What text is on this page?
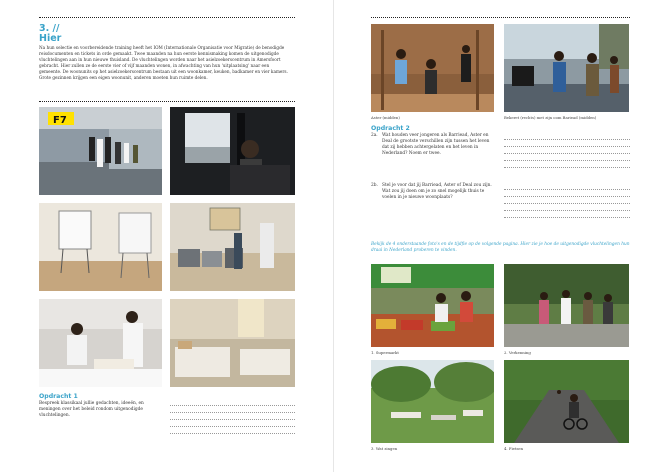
3. //
Hier
Na hun selectie en voorbereidende training heeft het IOM (Internationale Organisatie voor Migratie) de benodigde reisdocumenten en tickets in orde gemaakt. Twee maanden na hun eerste kennismaking komen de uitgenodigde vluchtelingen aan in hun nieuwe thuisland. De vluchtelingen worden naar het asielzoekerscentrum in Amersfoort gebracht. Hier zullen ze de eerste vier of vijf maanden wonen, in afwachting van hun 'uitplaatsing' naar een gemeente. De woonunits op het asielzoekerscentrum bestaan uit een woonkamer, keuken, badkamer en vier kamers. Grote gezinnen krijgen een eigen woonunit, anderen moeten hun ruimte delen.
F7
Opdracht 1
Bespreek klassikaal jullie gedachten, ideeën, en meningen over het beleid rondom uitgenodigde vluchtelingen.
Aster (midden)	Bekeret (rechts) met zijn oom Bariead (midden)
Opdracht 2
2a. Wat houden veer jongeren als Barriead, Aster en Deal de grootste verschillen zijn tussen het leven dat zij hebben achtergelaten en het leven in Nederland? Noem er twee.
2b. Stel je voor dat jij Barriead, Aster of Deal zou zijn. Wat zou jij doen om je zo snel mogelijk thuis te voelen in je nieuwe woonplaats?
Bekijk de 4 onderstaande foto's en de tijdfie op de volgende pagina. Hier zie je hoe de uitgenodigde vluchtelingen hun draai in Nederland proberen te vinden.
1. Supermarkt	2. Verkenning
3. Wat zingen	4. Fietsen
